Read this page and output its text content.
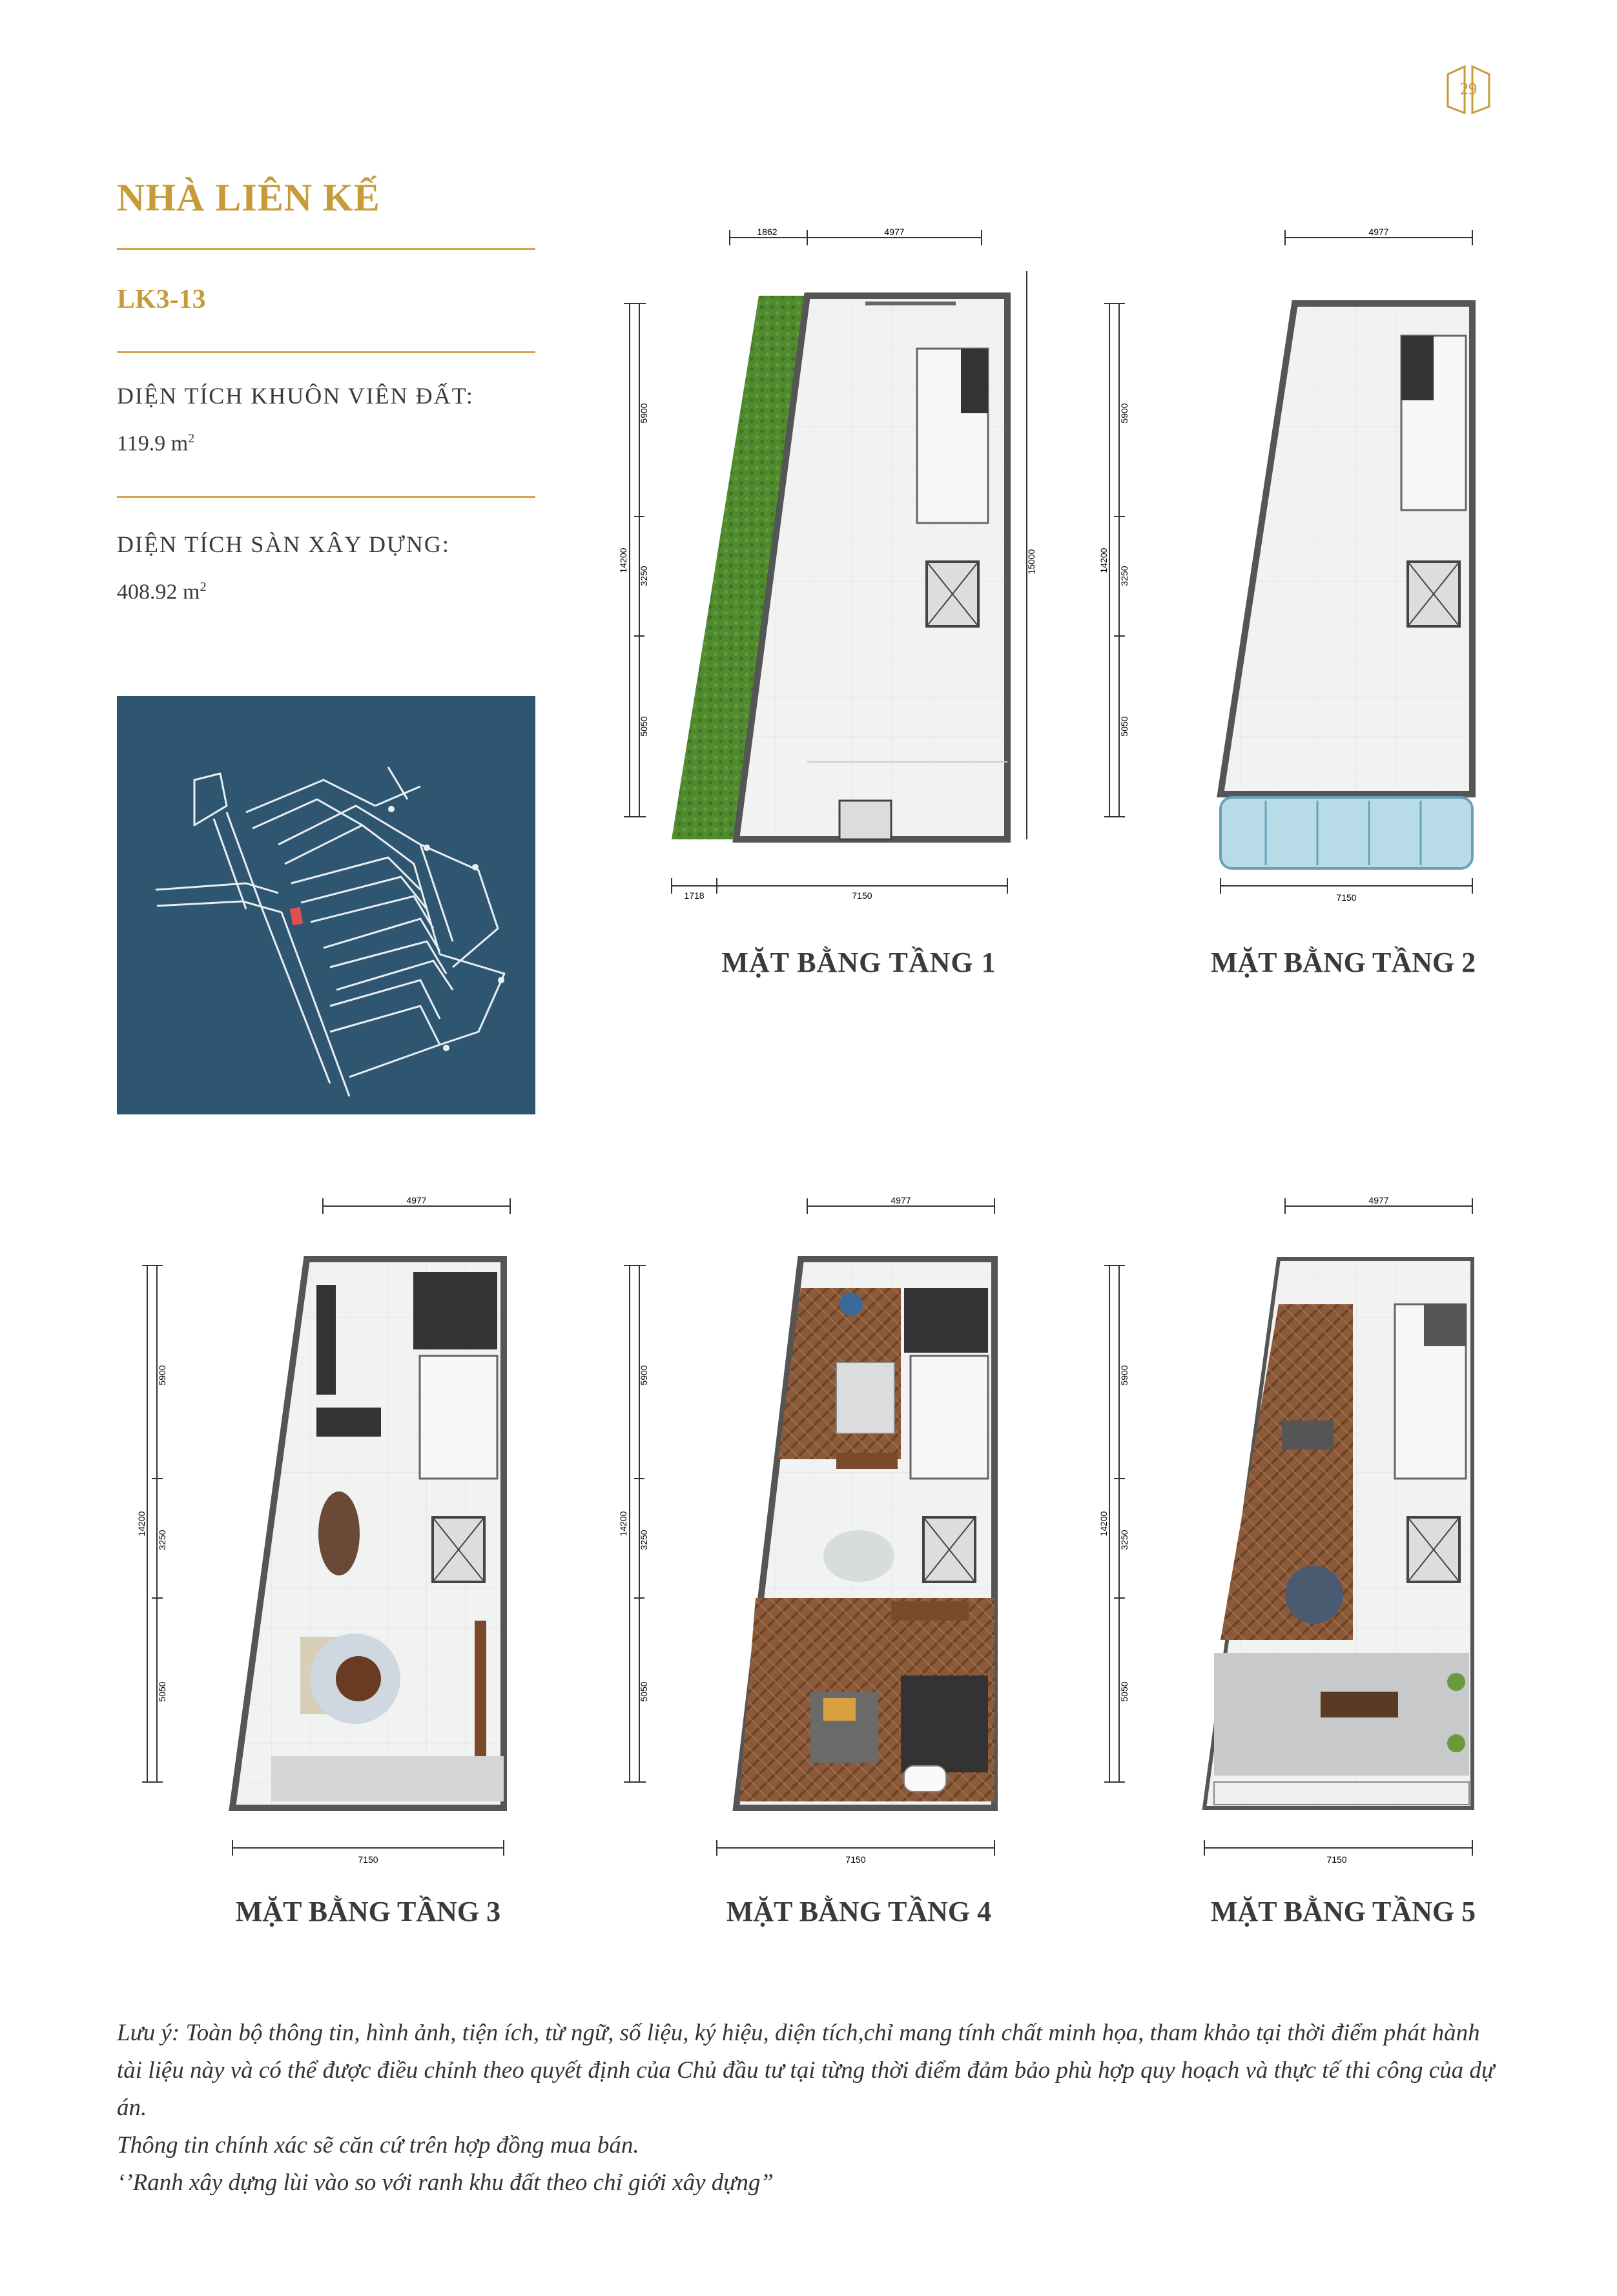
29
NHÀ LIÊN KẾ
LK3-13
DIỆN TÍCH KHUÔN VIÊN ĐẤT:
119.9 $m^2$
DIỆN TÍCH SÀN XÂY DỰNG:
408.92 $m^2$
1862	4977
14200
5900
3250
5050
15000
MẶT BẰNG TẦNG 1
1718	7150
4977
14200
5900
3250
5050
MẶT BẰNG TẦNG 2
7150
4977
14200
5900
3250
5050
MẶT BẰNG TẦNG 3
7150
4977
14200
5900
3250
5050
MẶT BẰNG TẦNG 4
7150
4977
14200
5900
3250
5050
MẶT BẰNG TẦNG 5
7150
Lưu ý: Toàn bộ thông tin, hình ảnh, tiện ích, từ ngữ, số liệu, ký hiệu, diện tích,chỉ mang tính chất minh họa, tham khảo tại thời điểm phát hành tài liệu này và có thể được điều chỉnh theo quyết định của Chủ đầu tư tại từng thời điểm đảm bảo phù hợp quy hoạch và thực tế thi công của dự án.
Thông tin chính xác sẽ căn cứ trên hợp đồng mua bán.
‘’Ranh xây dựng lùi vào so với ranh khu đất theo chỉ giới xây dựng”
